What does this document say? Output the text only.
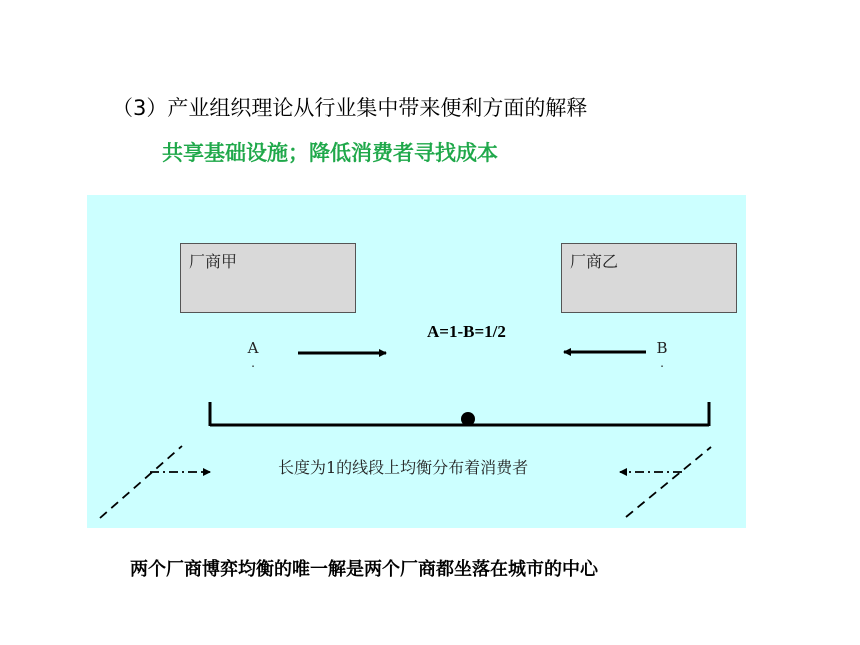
（3）产业组织理论从行业集中带来便利方面的解释
共享基础设施；降低消费者寻找成本
厂商甲	厂商乙
A=1-B=1/2
A
.
B
.
长度为1的线段上均衡分布着消费者
两个厂商博弈均衡的唯一解是两个厂商都坐落在城市的中心
